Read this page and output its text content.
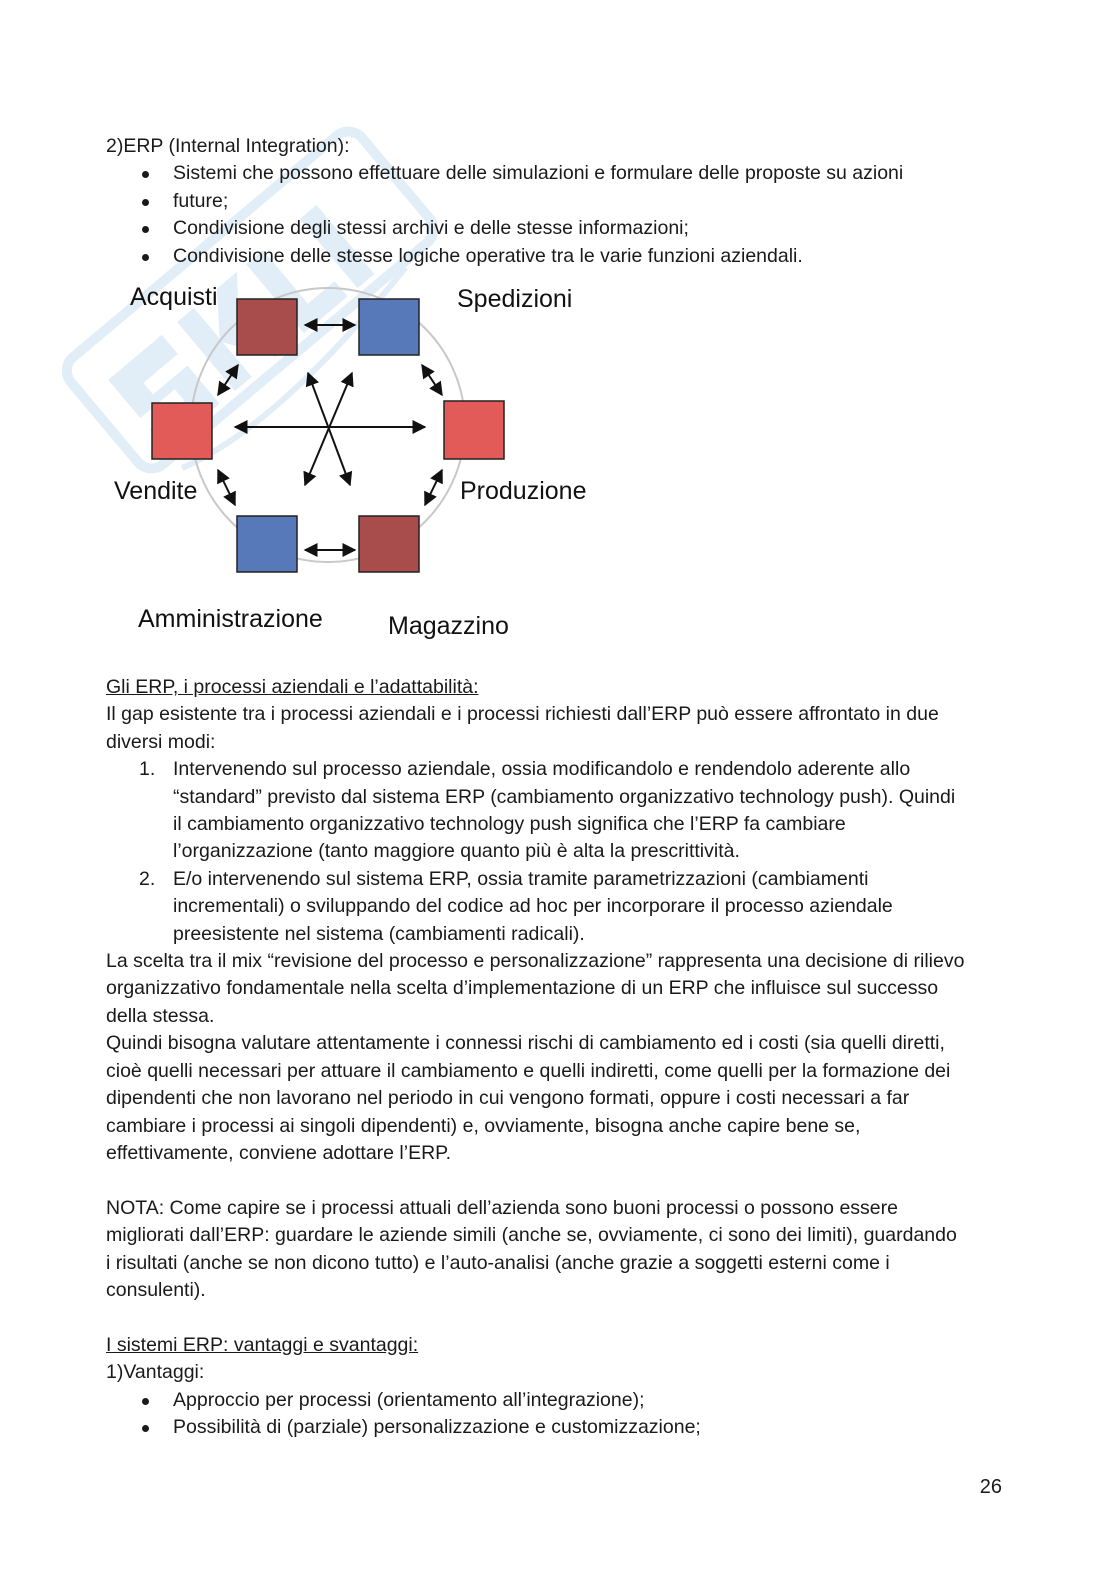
2)ERP (Internal Integration):

Sistemi che possono effettuare delle simulazioni e formulare delle proposte su azioni
future;
Condivisione degli stessi archivi e delle stesse informazioni;
Condivisione delle stesse logiche operative tra le varie funzioni aziendali.
Acquisti	Spedizioni
Vendite	Produzione
Amministrazione	Magazzino

Gli ERP, i processi aziendali e l’adattabilità:

Il gap esistente tra i processi aziendali e i processi richiesti dall’ERP può essere affrontato in due

diversi modi:

1. Intervenendo sul processo aziendale, ossia modificandolo e rendendolo aderente allo

“standard” previsto dal sistema ERP (cambiamento organizzativo technology push). Quindi

il cambiamento organizzativo technology push significa che l’ERP fa cambiare

l’organizzazione (tanto maggiore quanto più è alta la prescrittività.

2. E/o intervenendo sul sistema ERP, ossia tramite parametrizzazioni (cambiamenti

incrementali) o sviluppando del codice ad hoc per incorporare il processo aziendale

preesistente nel sistema (cambiamenti radicali).

La scelta tra il mix “revisione del processo e personalizzazione” rappresenta una decisione di rilievo

organizzativo fondamentale nella scelta d’implementazione di un ERP che influisce sul successo

della stessa.

Quindi bisogna valutare attentamente i connessi rischi di cambiamento ed i costi (sia quelli diretti,

cioè quelli necessari per attuare il cambiamento e quelli indiretti, come quelli per la formazione dei

dipendenti che non lavorano nel periodo in cui vengono formati, oppure i costi necessari a far

cambiare i processi ai singoli dipendenti) e, ovviamente, bisogna anche capire bene se,

effettivamente, conviene adottare l’ERP.

NOTA: Come capire se i processi attuali dell’azienda sono buoni processi o possono essere

migliorati dall’ERP: guardare le aziende simili (anche se, ovviamente, ci sono dei limiti), guardando

i risultati (anche se non dicono tutto) e l’auto-analisi (anche grazie a soggetti esterni come i

consulenti).

I sistemi ERP: vantaggi e svantaggi:

1)Vantaggi:

Approccio per processi (orientamento all’integrazione);
Possibilità di (parziale) personalizzazione e customizzazione;
26
